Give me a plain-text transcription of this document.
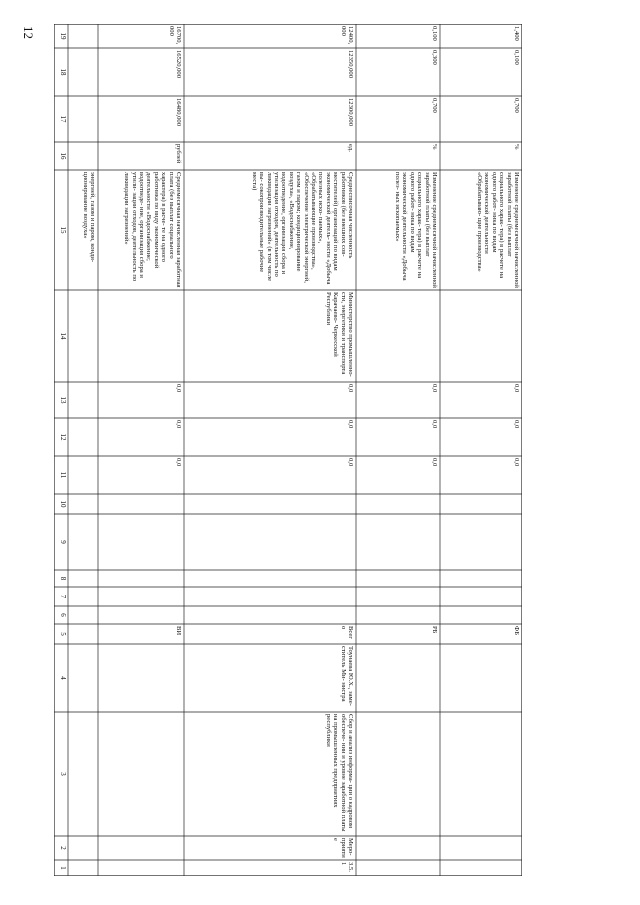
12
1
2
3
4
5
6
7
8
9
10
11
12
13
14
15
16
17
18
19
энергией, газом и паром, конди- ционирование воздуха»
ВИ
0,0
0,0
0,0
Среднемесячная начисленная заработная плата (без выплат социального характера) в расче- те на одного работника по виду экономической деятельности «Водоснабжение; водоотведе- ние, организация сбора и утили- зации отходов, деятельность по ликвидации загрязнений»
рублей
16480,000
16520,000
16700,000
3.5.1
Меро- приятие
Сбор и анализ информа- ции о кадровом обеспече- нии и уровне заработной платы на промышленных предприятиях республики
Тоунаева Ю.Х., заме- ститель Ми- нистра
Всего
0,0
0,0
0,0
Министерство промышленно- сти, энергетики и транспорта Карачаево- Черкесской Республики
Среднесписочная численность работников (без внешних сов- местителей) организаций по видам экономической деятель- ности «Добыча полезных иско- паемых», «Обрабатывающие производства», «Обеспечение электрической энергией, газом и паром; кондиционирование воздуха», «Водоснабжение, водоотведение, организация сбора и утилизация отходов, деятельность по ликвидации загрязнений» (в том числе вы- сокопроизводительные рабочие места)
ед.
12300,000
12350,000
12400,000
РБ
0,0
0,0
0,0
Изменение среднемесячной начисленной заработной платы (без выплат социального харак- тера) в расчете на одного работ- ника по видам экономической деятельности «Добыча полез- ных ископаемых»
%
0,700
0,300
0,100
ФБ
0,0
0,0
0,0
Изменение среднемесячной начисленной заработной платы (без выплат социального харак- тера) в расчете на одного работ- ника по видам экономической деятельности «Обрабатываю- щие производства»
%
0,700
0,100
1,400
